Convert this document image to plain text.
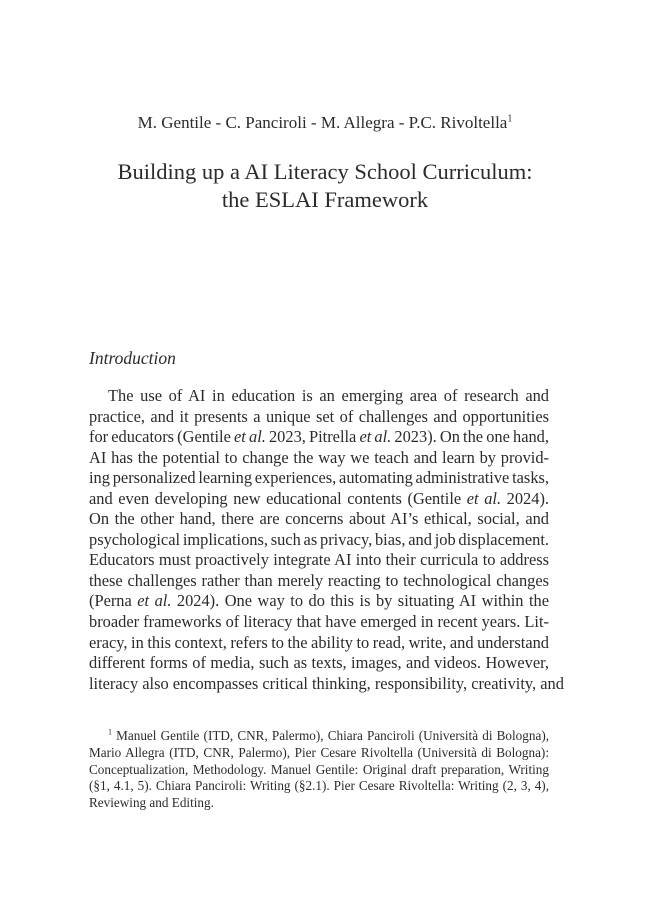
M. Gentile - C. Panciroli - M. Allegra - P.C. Rivoltella$^1$
Building up a AI Literacy School Curriculum:
the ESLAI Framework
Introduction
The use of AI in education is an emerging area of research and
practice, and it presents a unique set of challenges and opportunities
for educators (Gentile et al. 2023, Pitrella et al. 2023). On the one hand,
AI has the potential to change the way we teach and learn by provid-
ing personalized learning experiences, automating administrative tasks,
and even developing new educational contents (Gentile et al. 2024).
On the other hand, there are concerns about AI’s ethical, social, and
psychological implications, such as privacy, bias, and job displacement.
Educators must proactively integrate AI into their curricula to address
these challenges rather than merely reacting to technological changes
(Perna et al. 2024). One way to do this is by situating AI within the
broader frameworks of literacy that have emerged in recent years. Lit-
eracy, in this context, refers to the ability to read, write, and understand
different forms of media, such as texts, images, and videos. However,
literacy also encompasses critical thinking, responsibility, creativity, and
$^1$ Manuel Gentile (ITD, CNR, Palermo), Chiara Panciroli (Università di Bologna),
Mario Allegra (ITD, CNR, Palermo), Pier Cesare Rivoltella (Università di Bologna):
Conceptualization, Methodology. Manuel Gentile: Original draft preparation, Writing
(§1, 4.1, 5). Chiara Panciroli: Writing (§2.1). Pier Cesare Rivoltella: Writing (2, 3, 4),
Reviewing and Editing.
